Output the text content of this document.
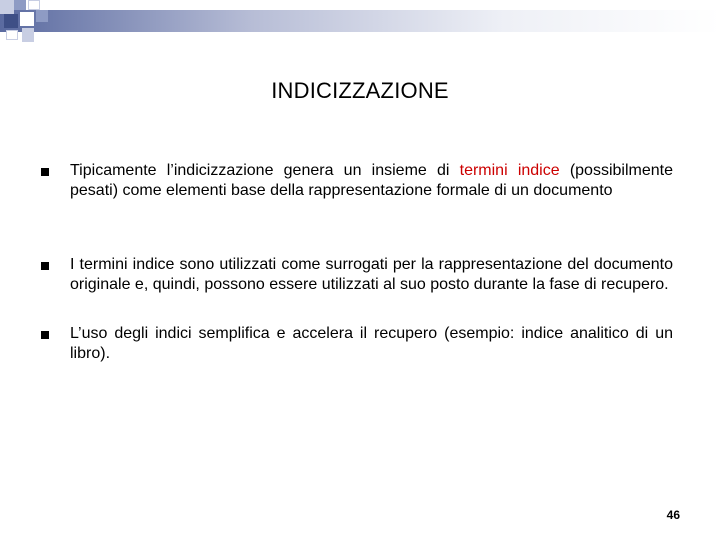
INDICIZZAZIONE
Tipicamente l’indicizzazione genera un insieme di termini indice (possibilmente pesati) come elementi base della rappresentazione formale di un documento
I termini indice sono utilizzati come surrogati per la rappresentazione del documento originale e, quindi, possono essere utilizzati al suo posto durante la fase di recupero.
L’uso degli indici semplifica e accelera il recupero (esempio: indice analitico di un libro).
46
